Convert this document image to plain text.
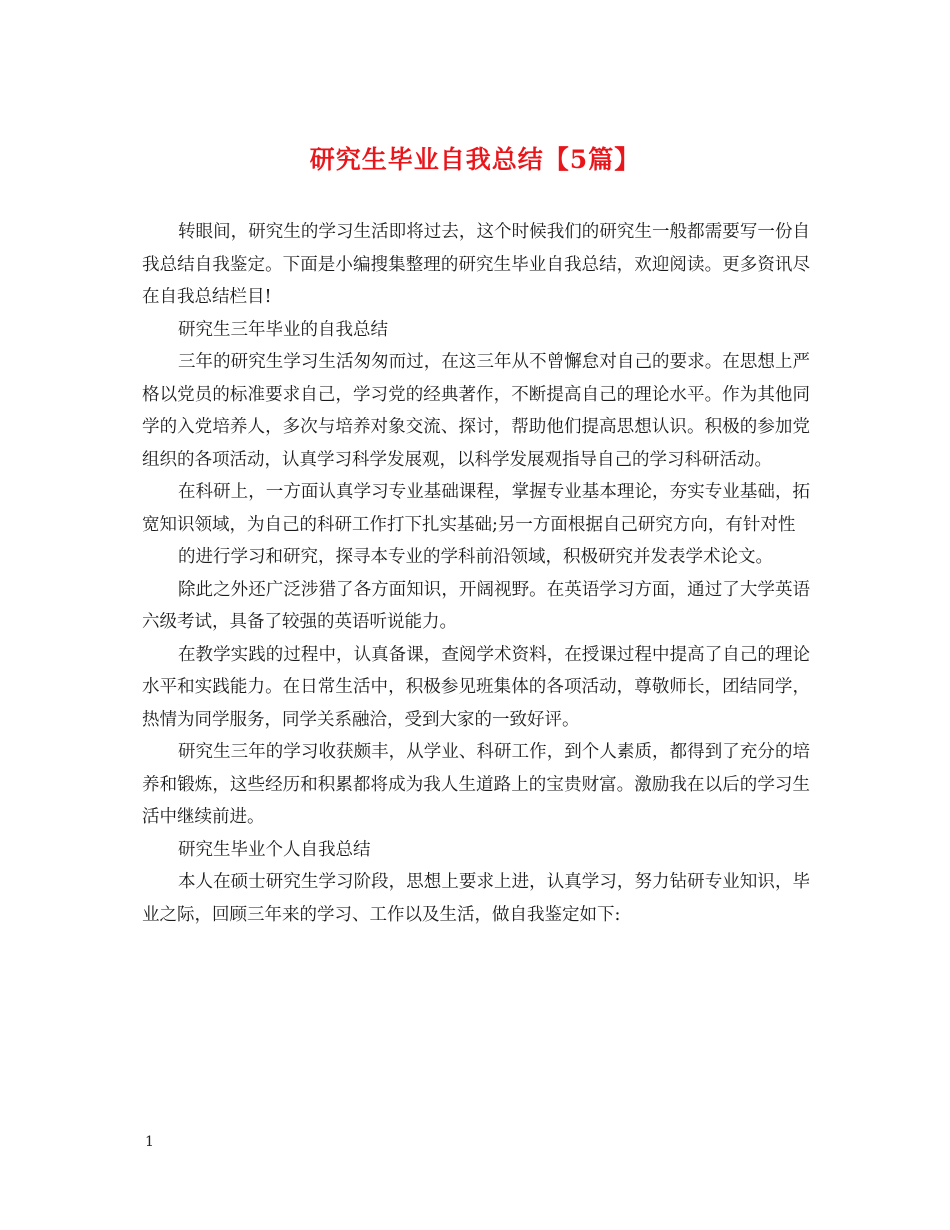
研究生毕业自我总结【5篇】

转眼间，研究生的学习生活即将过去，这个时候我们的研究生一般都需要写一份自我总结自我鉴定。下面是小编搜集整理的研究生毕业自我总结，欢迎阅读。更多资讯尽在自我总结栏目!

研究生三年毕业的自我总结

三年的研究生学习生活匆匆而过，在这三年从不曾懈怠对自己的要求。在思想上严格以党员的标准要求自己，学习党的经典著作，不断提高自己的理论水平。作为其他同学的入党培养人，多次与培养对象交流、探讨，帮助他们提高思想认识。积极的参加党组织的各项活动，认真学习科学发展观，以科学发展观指导自己的学习科研活动。

在科研上，一方面认真学习专业基础课程，掌握专业基本理论，夯实专业基础，拓宽知识领域，为自己的科研工作打下扎实基础;另一方面根据自己研究方向，有针对性

的进行学习和研究，探寻本专业的学科前沿领域，积极研究并发表学术论文。

除此之外还广泛涉猎了各方面知识，开阔视野。在英语学习方面，通过了大学英语六级考试，具备了较强的英语听说能力。

在教学实践的过程中，认真备课，查阅学术资料，在授课过程中提高了自己的理论水平和实践能力。在日常生活中，积极参见班集体的各项活动，尊敬师长，团结同学，热情为同学服务，同学关系融洽，受到大家的一致好评。

研究生三年的学习收获颇丰，从学业、科研工作，到个人素质，都得到了充分的培养和锻炼，这些经历和积累都将成为我人生道路上的宝贵财富。激励我在以后的学习生活中继续前进。

研究生毕业个人自我总结

本人在硕士研究生学习阶段，思想上要求上进，认真学习，努力钻研专业知识，毕业之际，回顾三年来的学习、工作以及生活，做自我鉴定如下:

1
